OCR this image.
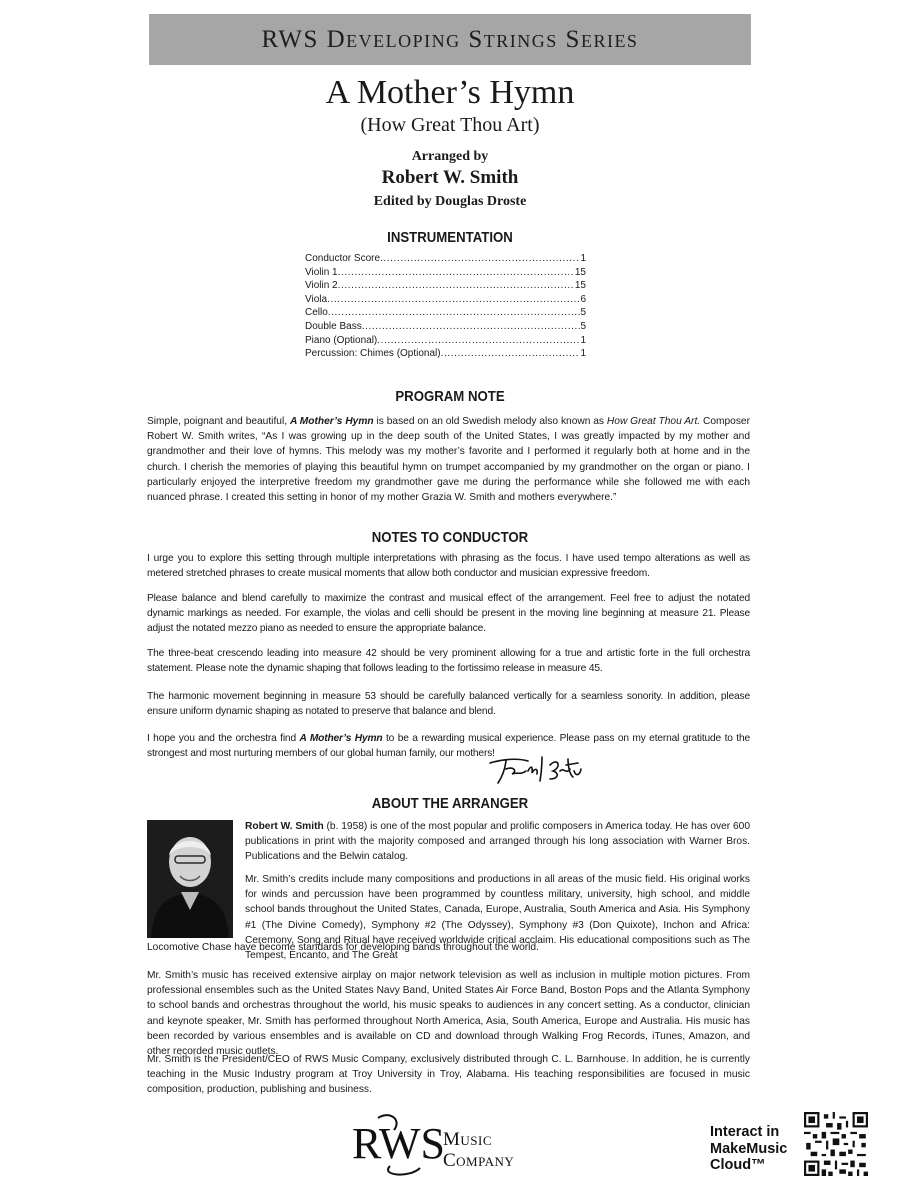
RWS Developing Strings Series
A Mother’s Hymn
(How Great Thou Art)
Arranged by
Robert W. Smith
Edited by Douglas Droste
INSTRUMENTATION
Conductor Score .....	1
Violin 1 .....	15
Violin 2 .....	15
Viola .....	6
Cello .....	5
Double Bass .....	5
Piano (Optional) .....	1
Percussion: Chimes (Optional) .....	1
PROGRAM NOTE
Simple, poignant and beautiful, A Mother’s Hymn is based on an old Swedish melody also known as How Great Thou Art. Composer Robert W. Smith writes, “As I was growing up in the deep south of the United States, I was greatly impacted by my mother and grandmother and their love of hymns. This melody was my mother’s favorite and I performed it regularly both at home and in the church. I cherish the memories of playing this beautiful hymn on trumpet accompanied by my grandmother on the organ or piano. I particularly enjoyed the interpretive freedom my grandmother gave me during the performance while she followed me with each nuanced phrase. I created this setting in honor of my mother Grazia W. Smith and mothers everywhere.”
NOTES TO CONDUCTOR
I urge you to explore this setting through multiple interpretations with phrasing as the focus. I have used tempo alterations as well as metered stretched phrases to create musical moments that allow both conductor and musician expressive freedom.
Please balance and blend carefully to maximize the contrast and musical effect of the arrangement. Feel free to adjust the notated dynamic markings as needed. For example, the violas and celli should be present in the moving line beginning at measure 21. Please adjust the notated mezzo piano as needed to ensure the appropriate balance.
The three-beat crescendo leading into measure 42 should be very prominent allowing for a true and artistic forte in the full orchestra statement. Please note the dynamic shaping that follows leading to the fortissimo release in measure 45.
The harmonic movement beginning in measure 53 should be carefully balanced vertically for a seamless sonority. In addition, please ensure uniform dynamic shaping as notated to preserve that balance and blend.
I hope you and the orchestra find A Mother’s Hymn to be a rewarding musical experience. Please pass on my eternal gratitude to the strongest and most nurturing members of our global human family, our mothers!
ABOUT THE ARRANGER
Robert W. Smith (b. 1958) is one of the most popular and prolific composers in America today. He has over 600 publications in print with the majority composed and arranged through his long association with Warner Bros. Publications and the Belwin catalog.
Mr. Smith’s credits include many compositions and productions in all areas of the music field. His original works for winds and percussion have been programmed by countless military, university, high school, and middle school bands throughout the United States, Canada, Europe, Australia, South America and Asia. His Symphony #1 (The Divine Comedy), Symphony #2 (The Odyssey), Symphony #3 (Don Quixote), Inchon and Africa: Ceremony, Song and Ritual have received worldwide critical acclaim. His educational compositions such as The Tempest, Encanto, and The Great
Locomotive Chase have become standards for developing bands throughout the world.
Mr. Smith’s music has received extensive airplay on major network television as well as inclusion in multiple motion pictures. From professional ensembles such as the United States Navy Band, United States Air Force Band, Boston Pops and the Atlanta Symphony to school bands and orchestras throughout the world, his music speaks to audiences in any concert setting. As a conductor, clinician and keynote speaker, Mr. Smith has performed throughout North America, Asia, South America, Europe and Australia. His music has been recorded by various ensembles and is available on CD and download through Walking Frog Records, iTunes, Amazon, and other recorded music outlets.
Mr. Smith is the President/CEO of RWS Music Company, exclusively distributed through C. L. Barnhouse. In addition, he is currently teaching in the Music Industry program at Troy University in Troy, Alabama. His teaching responsibilities are focused in music composition, production, publishing and business.
RWS
Music
Company
Interact in
MakeMusic
Cloud™
